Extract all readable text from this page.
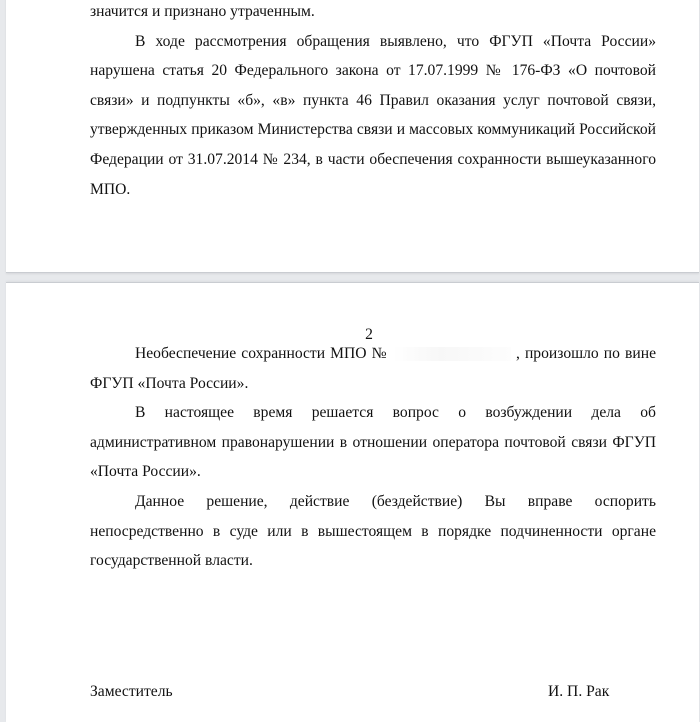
значится и признано утраченным.

В ходе рассмотрения обращения выявлено, что ФГУП «Почта России» нарушена статья 20 Федерального закона от 17.07.1999 № 176-ФЗ «О почтовой связи» и подпункты «б», «в» пункта 46 Правил оказания услуг почтовой связи, утвержденных приказом Министерства связи и массовых коммуникаций Российской Федерации от 31.07.2014 № 234, в части обеспечения сохранности вышеуказанного МПО.

2

Необеспечение сохранности МПО №	, произошло по вине ФГУП «Почта России».

В настоящее время решается вопрос о возбуждении дела об административном правонарушении в отношении оператора почтовой связи ФГУП «Почта России».

Данное решение, действие (бездействие) Вы вправе оспорить непосредственно в суде или в вышестоящем в порядке подчиненности органе государственной власти.

Заместитель	И. П. Рак
